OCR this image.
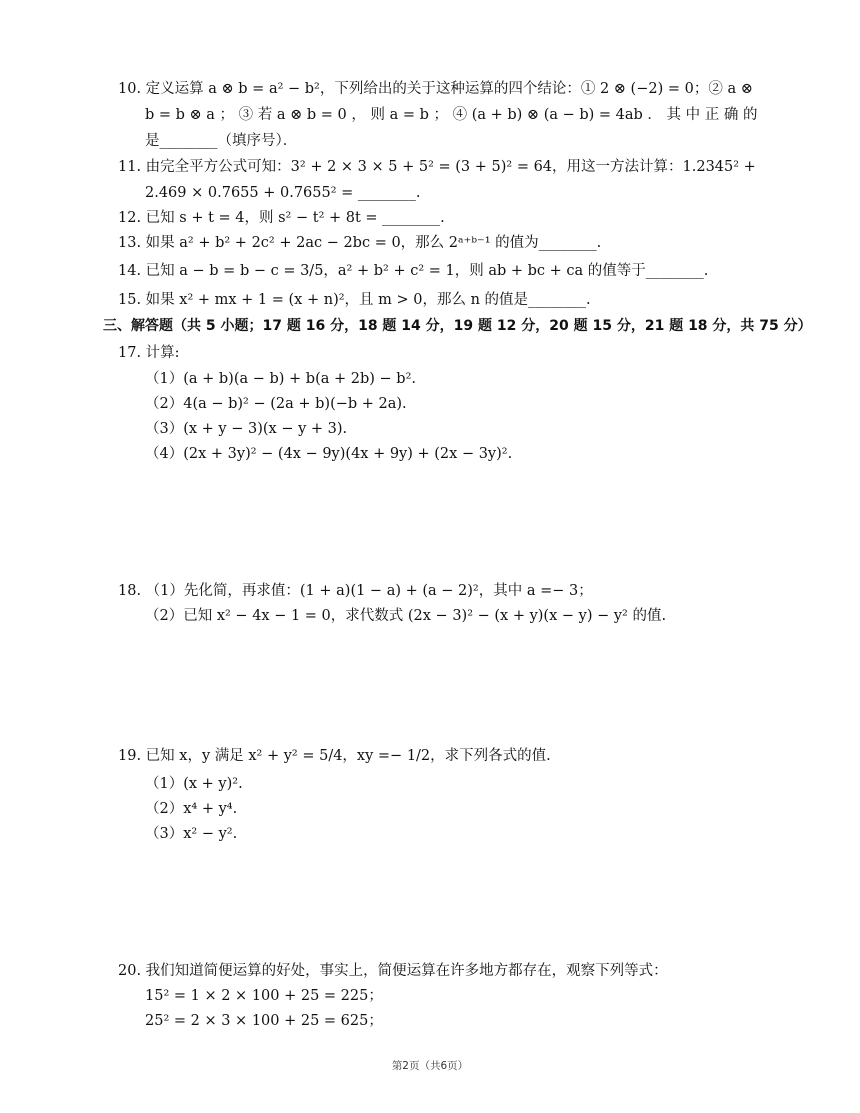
10. 定义运算 a ⊗ b = a² − b²，下列给出的关于这种运算的四个结论：① 2 ⊗ (−2) = 0；② a ⊗
b = b ⊗ a ； ③ 若 a ⊗ b = 0 ， 则 a = b ； ④ (a + b) ⊗ (a − b) = 4ab ． 其 中 正 确 的
是________（填序号）．
11. 由完全平方公式可知：3² + 2 × 3 × 5 + 5² = (3 + 5)² = 64，用这一方法计算：1.2345² +
2.469 × 0.7655 + 0.7655² = ________.
12. 已知 s + t = 4，则 s² − t² + 8t = ________.
13. 如果 a² + b² + 2c² + 2ac − 2bc = 0，那么 2ᵃ⁺ᵇ⁻¹ 的值为________.
14. 已知 a − b = b − c = 3/5，a² + b² + c² = 1，则 ab + bc + ca 的值等于________.
15. 如果 x² + mx + 1 = (x + n)²，且 m > 0，那么 n 的值是________.
三、解答题（共 5 小题；17 题 16 分，18 题 14 分，19 题 12 分，20 题 15 分，21 题 18 分，共 75 分）
17. 计算:
（1）(a + b)(a − b) + b(a + 2b) − b².
（2）4(a − b)² − (2a + b)(−b + 2a).
（3）(x + y − 3)(x − y + 3).
（4）(2x + 3y)² − (4x − 9y)(4x + 9y) + (2x − 3y)².
18. （1）先化简，再求值：(1 + a)(1 − a) + (a − 2)²，其中 a =− 3；
（2）已知 x² − 4x − 1 = 0，求代数式 (2x − 3)² − (x + y)(x − y) − y² 的值.
19. 已知 x，y 满足 x² + y² = 5/4，xy =− 1/2，求下列各式的值.
（1）(x + y)².
（2）x⁴ + y⁴.
（3）x² − y².
20. 我们知道简便运算的好处，事实上，简便运算在许多地方都存在，观察下列等式：
15² = 1 × 2 × 100 + 25 = 225；
25² = 2 × 3 × 100 + 25 = 625；
第2页（共6页）
